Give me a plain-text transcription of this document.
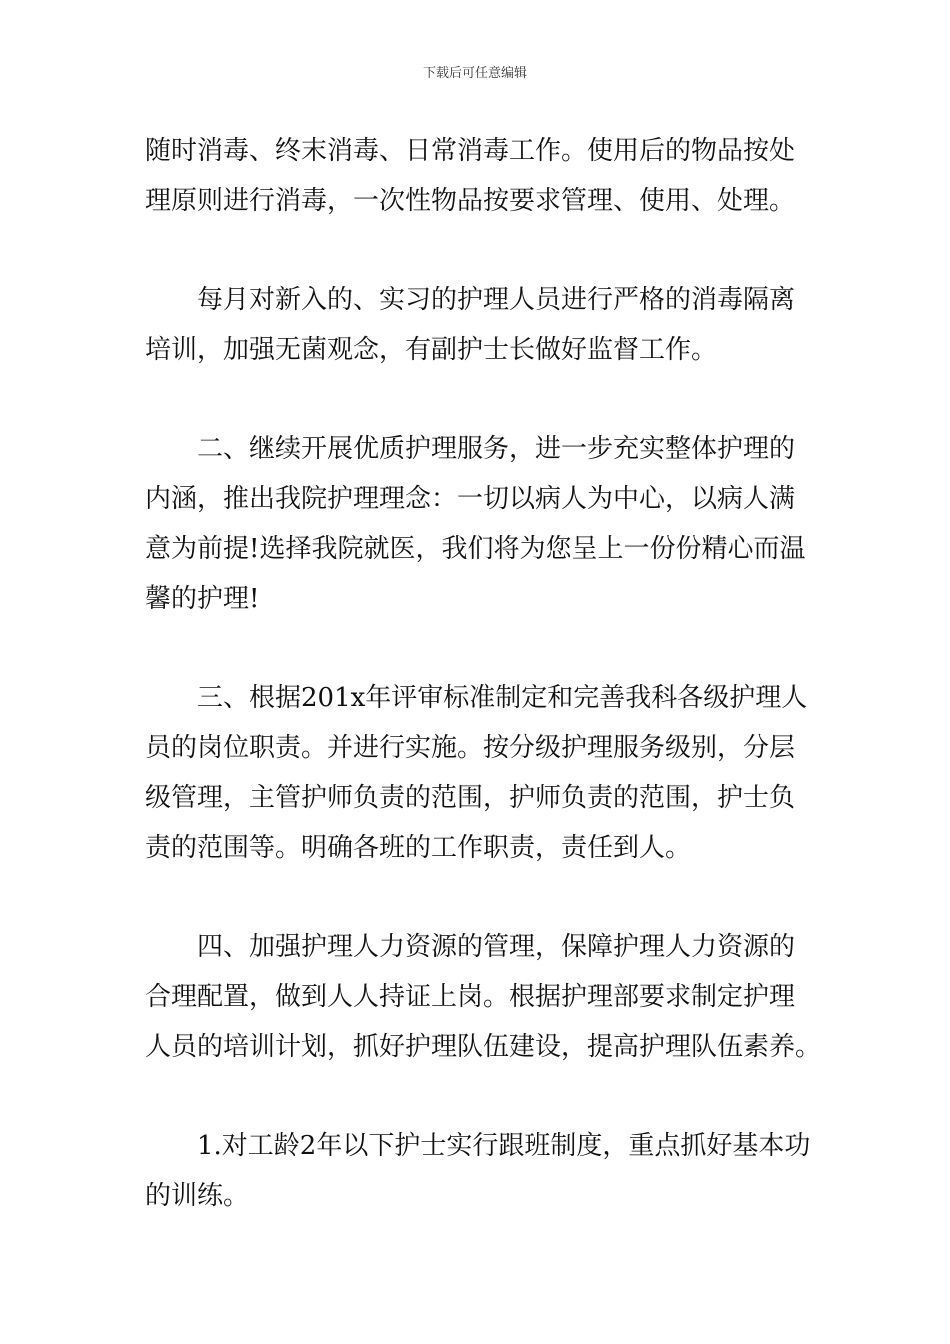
下载后可任意编辑
随时消毒、终末消毒、日常消毒工作。使用后的物品按处
理原则进行消毒，一次性物品按要求管理、使用、处理。
每月对新入的、实习的护理人员进行严格的消毒隔离
培训，加强无菌观念，有副护士长做好监督工作。
二、继续开展优质护理服务，进一步充实整体护理的
内涵，推出我院护理理念：一切以病人为中心，以病人满
意为前提!选择我院就医，我们将为您呈上一份份精心而温
馨的护理!
三、根据201x年评审标准制定和完善我科各级护理人
员的岗位职责。并进行实施。按分级护理服务级别，分层
级管理，主管护师负责的范围，护师负责的范围，护士负
责的范围等。明确各班的工作职责，责任到人。
四、加强护理人力资源的管理，保障护理人力资源的
合理配置，做到人人持证上岗。根据护理部要求制定护理
人员的培训计划，抓好护理队伍建设，提高护理队伍素养。
1.对工龄2年以下护士实行跟班制度，重点抓好基本功
的训练。
